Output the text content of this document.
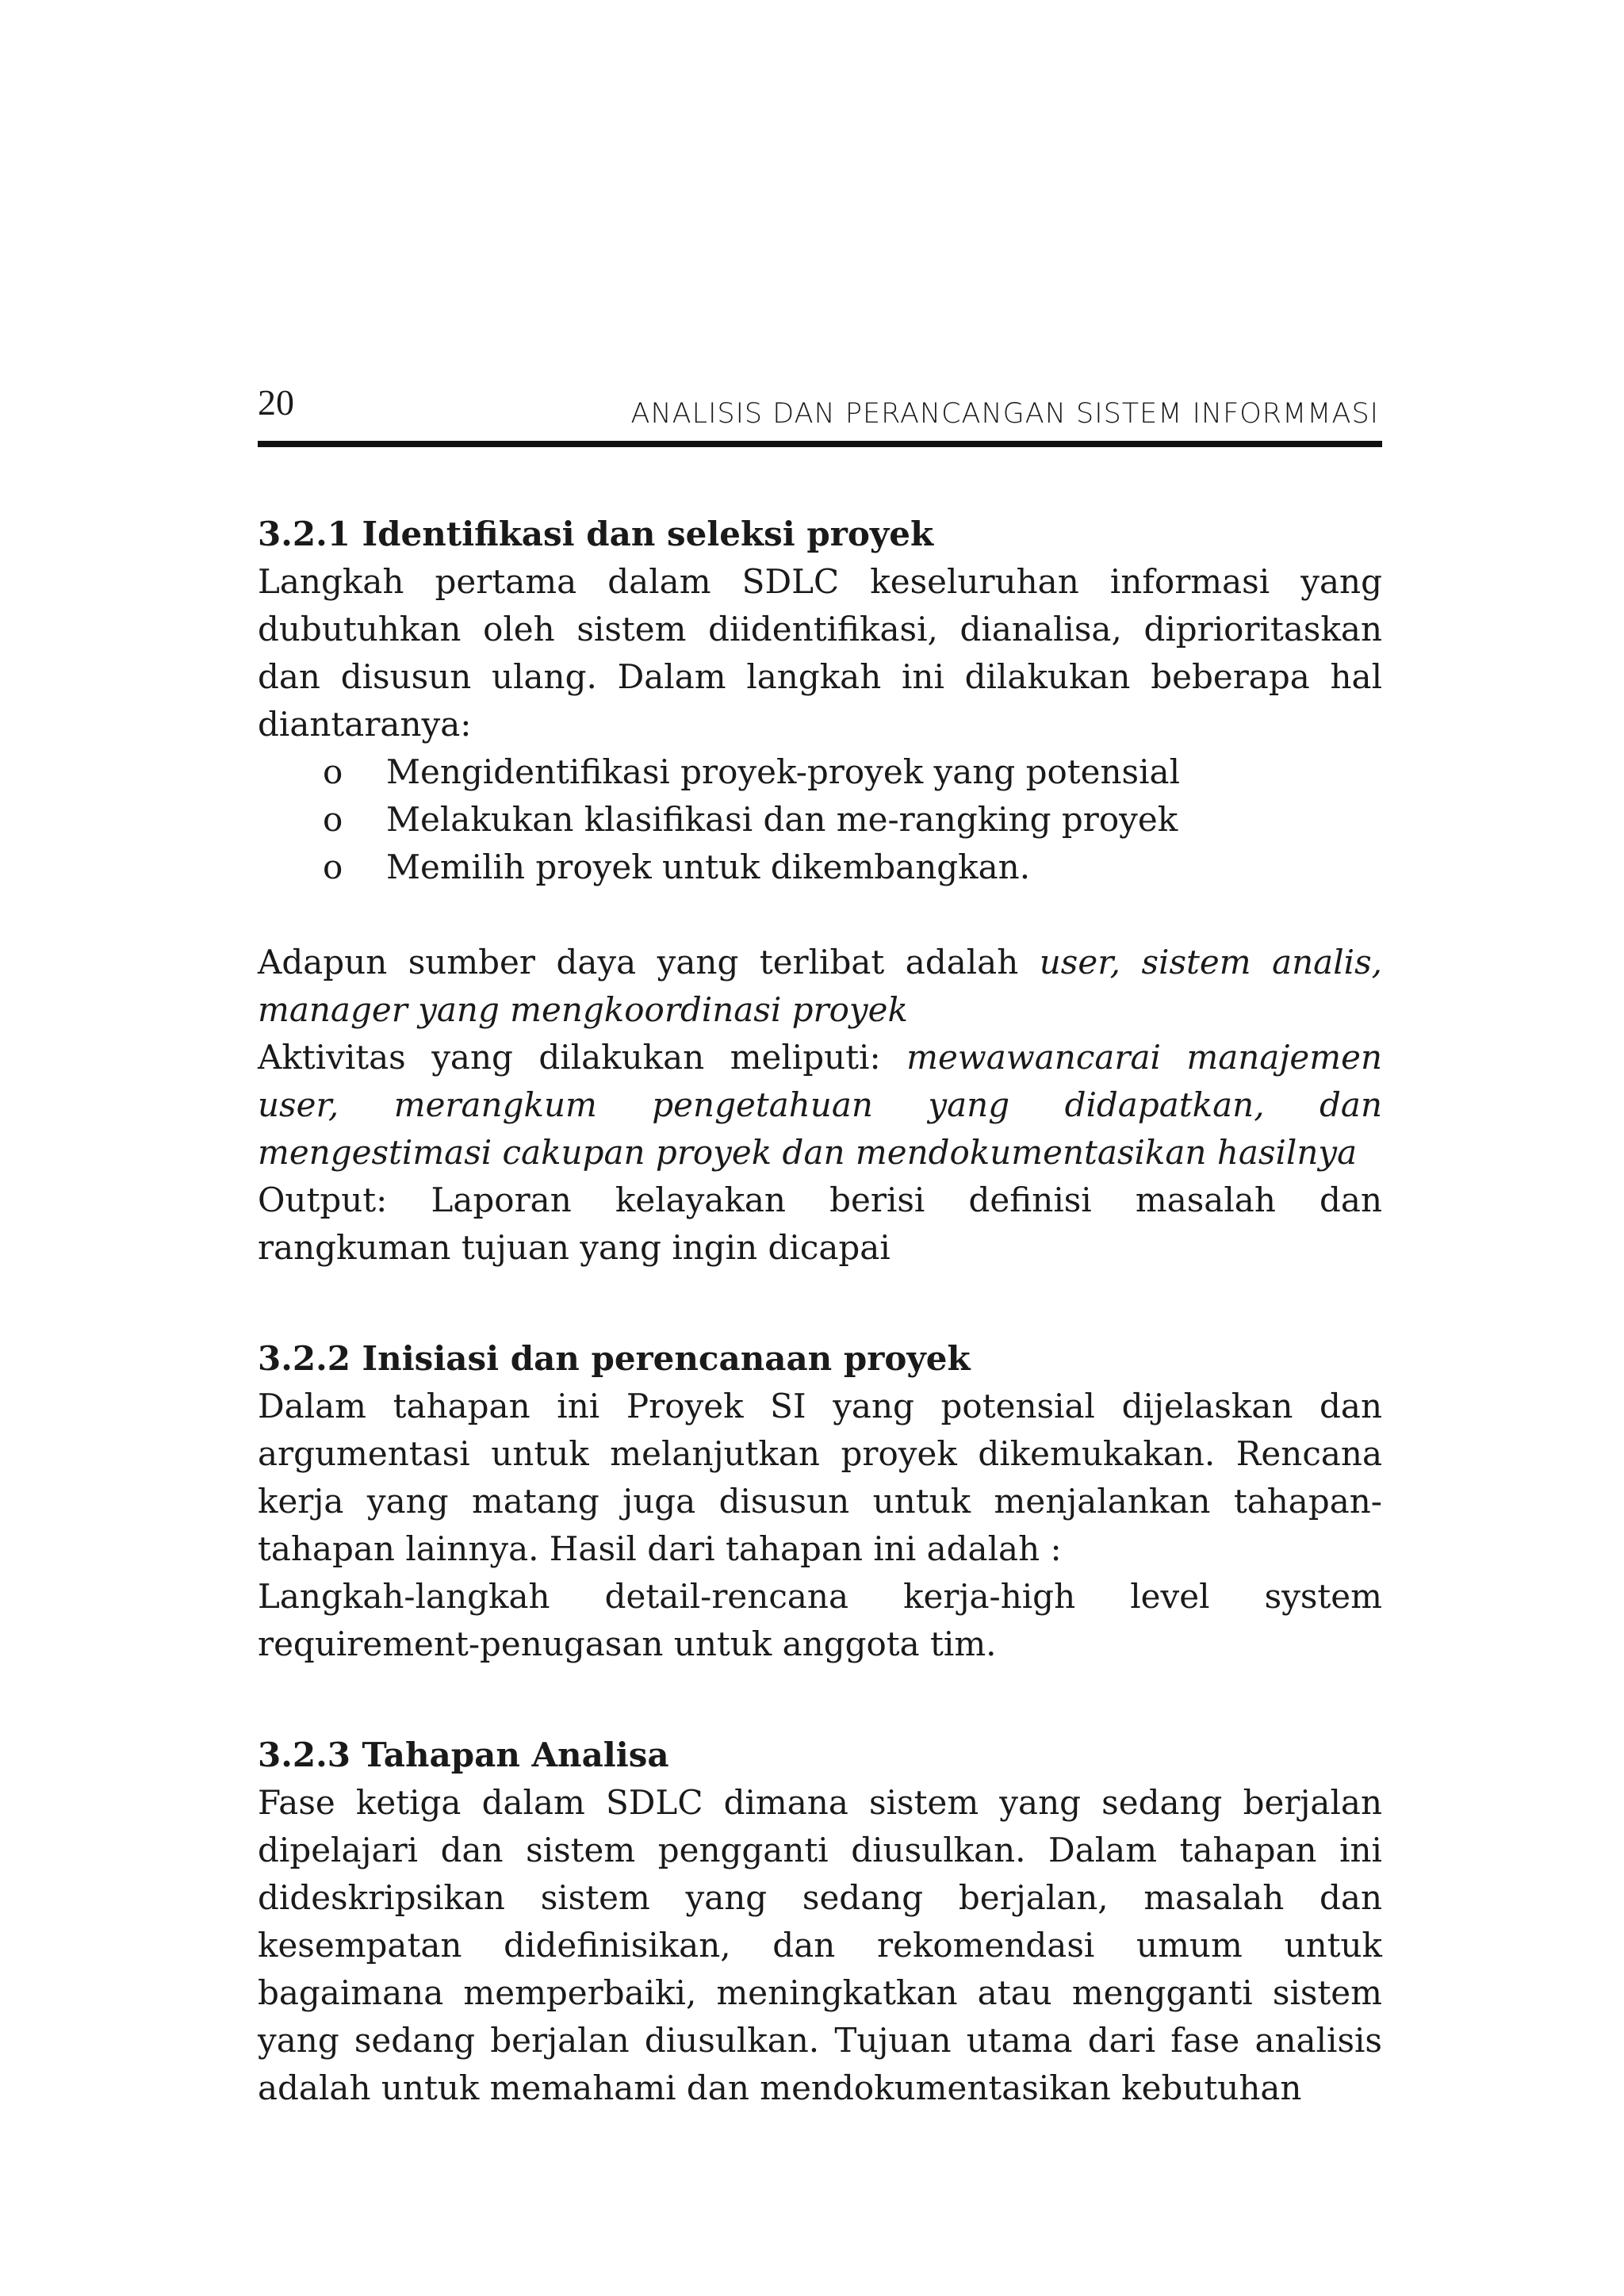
20	ANALISIS DAN PERANCANGAN SISTEM INFORMMASI
3.2.1 Identifikasi dan seleksi proyek

Langkah pertama dalam SDLC keseluruhan informasi yang dubutuhkan oleh sistem diidentifikasi, dianalisa, diprioritaskan dan disusun ulang. Dalam langkah ini dilakukan beberapa hal diantaranya:

o Mengidentifikasi proyek-proyek yang potensial
o Melakukan klasifikasi dan me-rangking proyek
o Memilih proyek untuk dikembangkan.

Adapun sumber daya yang terlibat adalah user, sistem analis, manager yang mengkoordinasi proyek

Aktivitas yang dilakukan meliputi: mewawancarai manajemen user, merangkum pengetahuan yang didapatkan, dan mengestimasi cakupan proyek dan mendokumentasikan hasilnya

Output: Laporan kelayakan berisi definisi masalah dan rangkuman tujuan yang ingin dicapai

3.2.2 Inisiasi dan perencanaan proyek

Dalam tahapan ini Proyek SI yang potensial dijelaskan dan argumentasi untuk melanjutkan proyek dikemukakan. Rencana kerja yang matang juga disusun untuk menjalankan tahapan-tahapan lainnya. Hasil dari tahapan ini adalah :

Langkah-langkah detail-rencana kerja-high level system requirement-penugasan untuk anggota tim.

3.2.3 Tahapan Analisa

Fase ketiga dalam SDLC dimana sistem yang sedang berjalan dipelajari dan sistem pengganti diusulkan. Dalam tahapan ini dideskripsikan sistem yang sedang berjalan, masalah dan kesempatan didefinisikan, dan rekomendasi umum untuk bagaimana memperbaiki, meningkatkan atau mengganti sistem yang sedang berjalan diusulkan. Tujuan utama dari fase analisis adalah untuk memahami dan mendokumentasikan kebutuhan
